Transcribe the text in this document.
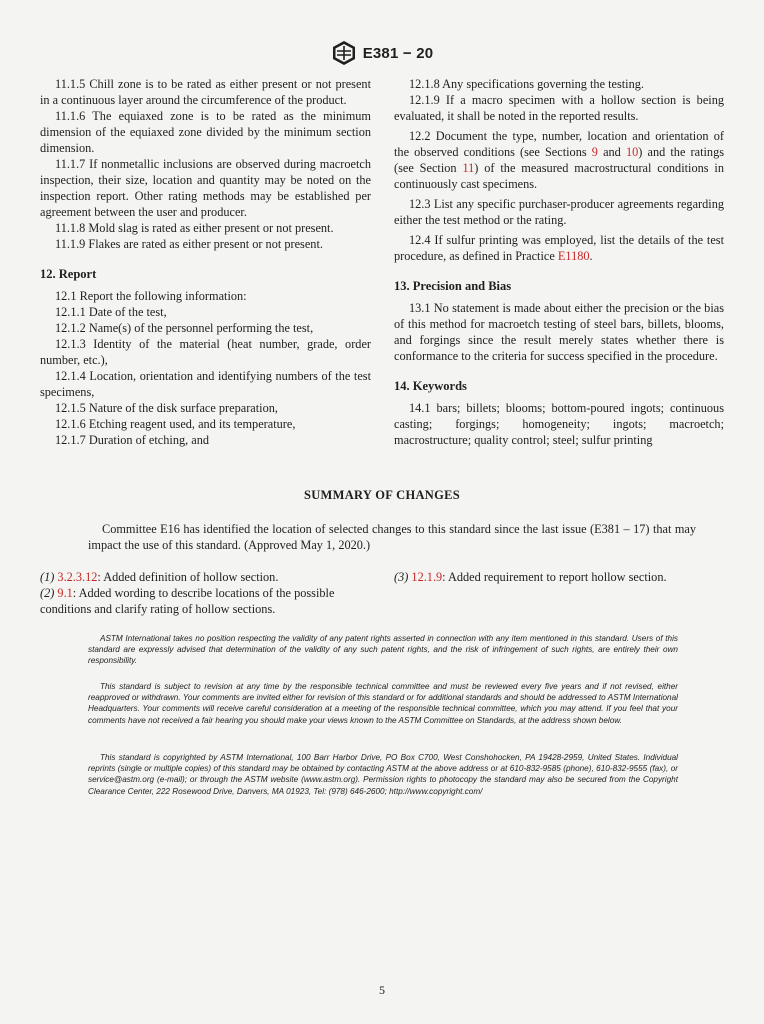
E381 − 20

11.1.5 Chill zone is to be rated as either present or not present in a continuous layer around the circumference of the product.

11.1.6 The equiaxed zone is to be rated as the minimum dimension of the equiaxed zone divided by the minimum section dimension.

11.1.7 If nonmetallic inclusions are observed during macroetch inspection, their size, location and quantity may be noted on the inspection report. Other rating methods may be established per agreement between the user and producer.

11.1.8 Mold slag is rated as either present or not present.

11.1.9 Flakes are rated as either present or not present.

12. Report

12.1 Report the following information:

12.1.1 Date of the test,

12.1.2 Name(s) of the personnel performing the test,

12.1.3 Identity of the material (heat number, grade, order number, etc.),

12.1.4 Location, orientation and identifying numbers of the test specimens,

12.1.5 Nature of the disk surface preparation,

12.1.6 Etching reagent used, and its temperature,

12.1.7 Duration of etching, and

12.1.8 Any specifications governing the testing.

12.1.9 If a macro specimen with a hollow section is being evaluated, it shall be noted in the reported results.

12.2 Document the type, number, location and orientation of the observed conditions (see Sections 9 and 10) and the ratings (see Section 11) of the measured macrostructural conditions in continuously cast specimens.

12.3 List any specific purchaser-producer agreements regarding either the test method or the rating.

12.4 If sulfur printing was employed, list the details of the test procedure, as defined in Practice E1180.

13. Precision and Bias

13.1 No statement is made about either the precision or the bias of this method for macroetch testing of steel bars, billets, blooms, and forgings since the result merely states whether there is conformance to the criteria for success specified in the procedure.

14. Keywords

14.1 bars; billets; blooms; bottom-poured ingots; continuous casting; forgings; homogeneity; ingots; macroetch; macrostructure; quality control; steel; sulfur printing

SUMMARY OF CHANGES

Committee E16 has identified the location of selected changes to this standard since the last issue (E381 – 17) that may impact the use of this standard. (Approved May 1, 2020.)

(1) 3.2.3.12: Added definition of hollow section.

(2) 9.1: Added wording to describe locations of the possible conditions and clarify rating of hollow sections.

(3) 12.1.9: Added requirement to report hollow section.

ASTM International takes no position respecting the validity of any patent rights asserted in connection with any item mentioned in this standard. Users of this standard are expressly advised that determination of the validity of any such patent rights, and the risk of infringement of such rights, are entirely their own responsibility.

This standard is subject to revision at any time by the responsible technical committee and must be reviewed every five years and if not revised, either reapproved or withdrawn. Your comments are invited either for revision of this standard or for additional standards and should be addressed to ASTM International Headquarters. Your comments will receive careful consideration at a meeting of the responsible technical committee, which you may attend. If you feel that your comments have not received a fair hearing you should make your views known to the ASTM Committee on Standards, at the address shown below.

This standard is copyrighted by ASTM International, 100 Barr Harbor Drive, PO Box C700, West Conshohocken, PA 19428-2959, United States. Individual reprints (single or multiple copies) of this standard may be obtained by contacting ASTM at the above address or at 610-832-9585 (phone), 610-832-9555 (fax), or service@astm.org (e-mail); or through the ASTM website (www.astm.org). Permission rights to photocopy the standard may also be secured from the Copyright Clearance Center, 222 Rosewood Drive, Danvers, MA 01923, Tel: (978) 646-2600; http://www.copyright.com/

5
